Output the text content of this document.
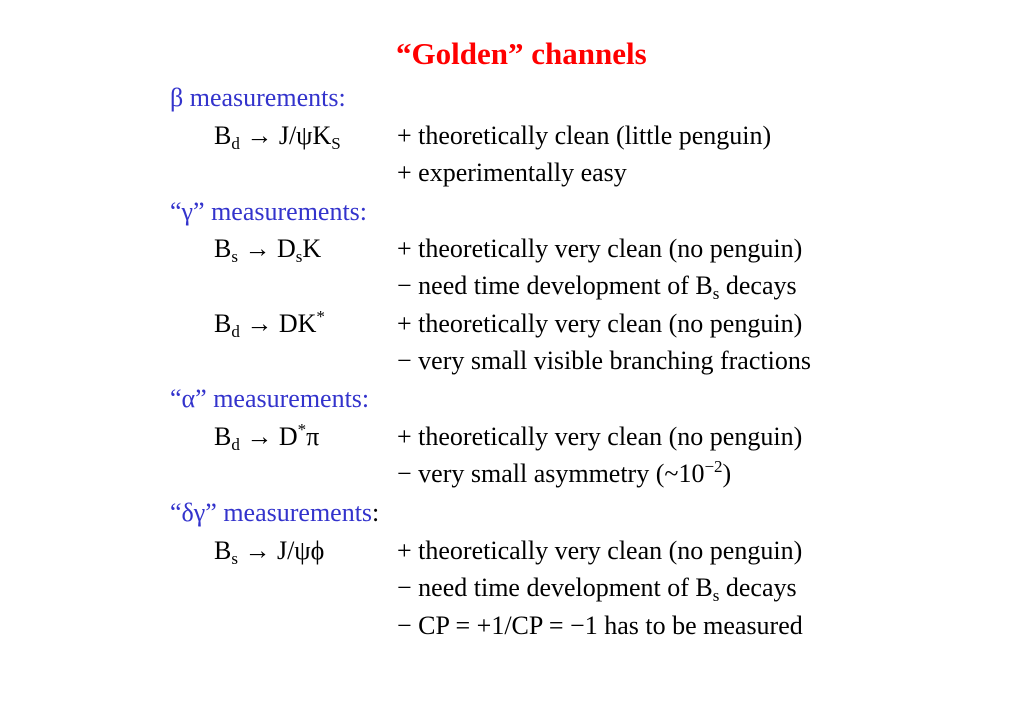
“Golden” channels
β measurements:
$B_d \to J/\psi K_S$ + theoretically clean (little penguin)
+ experimentally easy
“γ” measurements:
$B_s \to D_sK$	+ theoretically very clean (no penguin)
− need time development of $B_s$ decays
$B_d \to DK^*$	+ theoretically very clean (no penguin)
− very small visible branching fractions
“α” measurements:
$B_d \to D^*\pi$	+ theoretically very clean (no penguin)
− very small asymmetry $(\sim 10^{-2})$
“δγ” measurements:
$B_s \to J/\psi\phi$	+ theoretically very clean (no penguin)
− need time development of $B_s$ decays
− CP = +1/CP = −1 has to be measured
